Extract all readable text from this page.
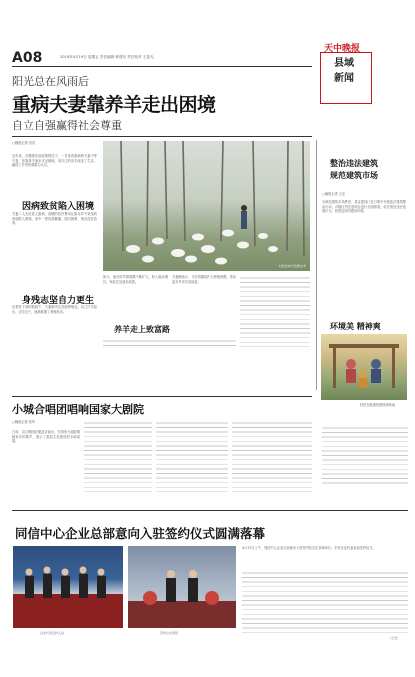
A08	2019年4月19日 星期五 责任编辑 韩建东 责任校对 王春光
天中晚报
县域
新闻
阳光总在风雨后
重病夫妻靠养羊走出困境
自立自强赢得社会尊重
□晚报记者 讯员
近年来，在精准扶贫政策帮扶下，一对身患重病的夫妻不等不靠，依靠养羊逐步走出困境，用自己的双手改变了生活，赢得了乡邻的尊重与认可。
因病致贫陷入困境
夫妻二人先后患上重病，高额的医疗费用让原本并不宽裕的家庭陷入困境，家中一度负债累累。面对困难，他们没有放弃。
身残志坚自力更生
在帮扶干部的鼓励下，夫妻俩决定发展养殖业。从几只羊起步，边学边干，逐渐掌握了养殖技术。
村民在林下放养山羊
如今，他们的羊群规模不断扩大，收入稳步增长，家庭生活逐步改善。
夫妻俩表示，今后将继续扩大养殖规模，带动更多乡亲共同致富。
养羊走上致富路
整治违法建筑
规范建筑市场
□晚报记者 王宏
为规范建筑市场秩序，县住建部门近日集中开展违法建筑整治行动，对辖区内在建项目进行全面排查，依法查处违法违规行为，营造良好的建设环境。
环境美 精神爽
村民在新建的游园里休闲
小城合唱团唱响国家大剧院
□晚报记者 张华
日前，县合唱团应邀赴京演出，在国家大剧院唱响家乡的歌声，展示了基层文化建设的丰硕成果。
同信中心企业总部意向入驻签约仪式圆满落幕
企业代表签约入驻	签约仪式现场
4月17日上午，同信中心企业总部意向入驻签约仪式在县城举行，多家企业代表参加签约仪式。
（王宏）
